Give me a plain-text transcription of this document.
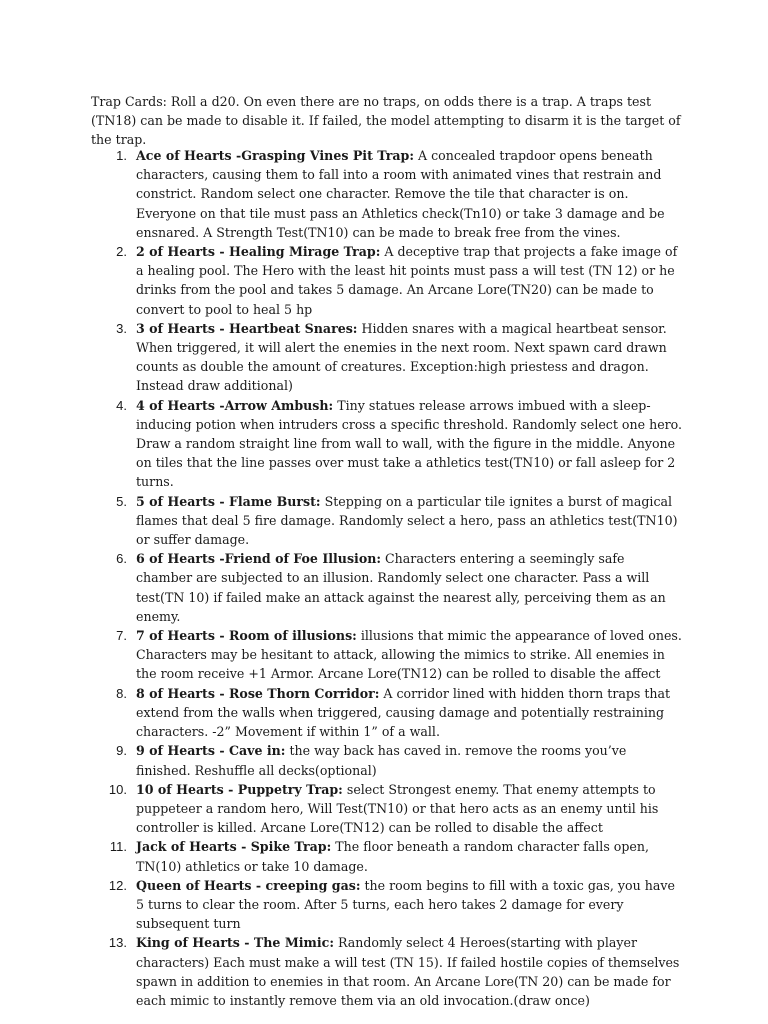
Trap Cards: Roll a d20. On even there are no traps, on odds there is a trap. A traps test (TN18) can be made to disable it. If failed, the model attempting to disarm it is the target of the trap.

1. Ace of Hearts -Grasping Vines Pit Trap: A concealed trapdoor opens beneath characters, causing them to fall into a room with animated vines that restrain and constrict. Random select one character. Remove the tile that character is on. Everyone on that tile must pass an Athletics check(Tn10) or take 3 damage and be ensnared. A Strength Test(TN10) can be made to break free from the vines.
2. 2 of Hearts - Healing Mirage Trap: A deceptive trap that projects a fake image of a healing pool. The Hero with the least hit points must pass a will test (TN 12) or he drinks from the pool and takes 5 damage. An Arcane Lore(TN20) can be made to convert to pool to heal 5 hp
3. 3 of Hearts - Heartbeat Snares: Hidden snares with a magical heartbeat sensor. When triggered, it will alert the enemies in the next room. Next spawn card drawn counts as double the amount of creatures. Exception:high priestess and dragon. Instead draw additional)
4. 4 of Hearts -Arrow Ambush: Tiny statues release arrows imbued with a sleep-inducing potion when intruders cross a specific threshold. Randomly select one hero. Draw a random straight line from wall to wall, with the figure in the middle. Anyone on tiles that the line passes over must take a athletics test(TN10) or fall asleep for 2 turns.
5. 5 of Hearts - Flame Burst: Stepping on a particular tile ignites a burst of magical flames that deal 5 fire damage. Randomly select a hero, pass an athletics test(TN10) or suffer damage.
6. 6 of Hearts -Friend of Foe Illusion: Characters entering a seemingly safe chamber are subjected to an illusion. Randomly select one character. Pass a will test(TN 10) if failed make an attack against the nearest ally, perceiving them as an enemy.
7. 7 of Hearts - Room of illusions: illusions that mimic the appearance of loved ones. Characters may be hesitant to attack, allowing the mimics to strike. All enemies in the room receive +1 Armor. Arcane Lore(TN12) can be rolled to disable the affect
8. 8 of Hearts - Rose Thorn Corridor: A corridor lined with hidden thorn traps that extend from the walls when triggered, causing damage and potentially restraining characters. -2” Movement if within 1” of a wall.
9. 9 of Hearts - Cave in: the way back has caved in. remove the rooms you’ve finished. Reshuffle all decks(optional)
10. 10 of Hearts - Puppetry Trap: select Strongest enemy. That enemy attempts to puppeteer a random hero, Will Test(TN10) or that hero acts as an enemy until his controller is killed. Arcane Lore(TN12) can be rolled to disable the affect
11. Jack of Hearts - Spike Trap: The floor beneath a random character falls open, TN(10) athletics or take 10 damage.
12. Queen of Hearts - creeping gas: the room begins to fill with a toxic gas, you have 5 turns to clear the room. After 5 turns, each hero takes 2 damage for every subsequent turn
13. King of Hearts - The Mimic: Randomly select 4 Heroes(starting with player characters) Each must make a will test (TN 15). If failed hostile copies of themselves spawn in addition to enemies in that room. An Arcane Lore(TN 20) can be made for each mimic to instantly remove them via an old invocation.(draw once)
